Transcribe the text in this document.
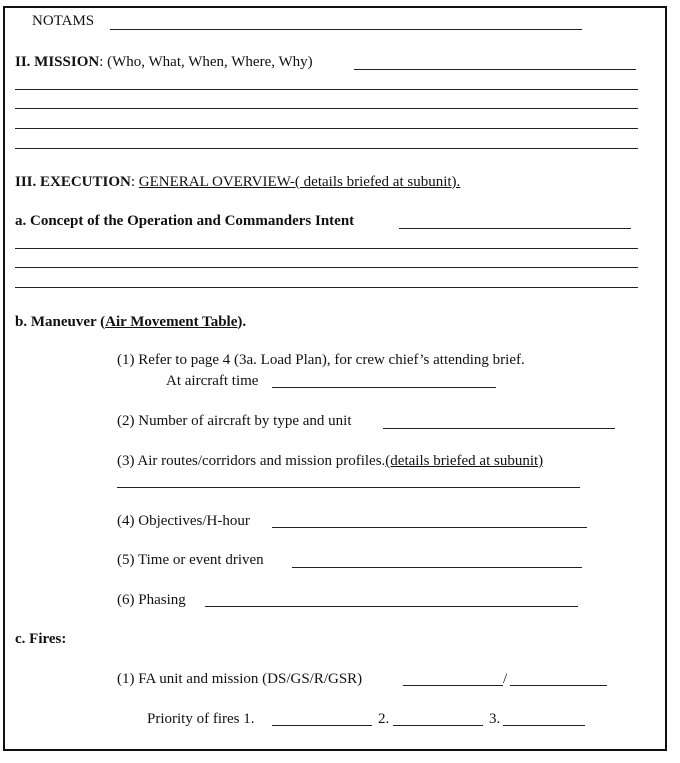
NOTAMS
II. MISSION: (Who, What, When, Where, Why)
III. EXECUTION: GENERAL OVERVIEW-( details briefed at subunit).
a. Concept of the Operation and Commanders Intent
b. Maneuver (Air Movement Table).
(1) Refer to page 4 (3a. Load Plan), for crew chief’s attending brief.
At aircraft time
(2) Number of aircraft by type and unit
(3) Air routes/corridors and mission profiles.(details briefed at subunit)
(4) Objectives/H-hour
(5) Time or event driven
(6) Phasing
c. Fires:
(1) FA unit and mission (DS/GS/R/GSR)	/
Priority of fires 1.	2.	3.
